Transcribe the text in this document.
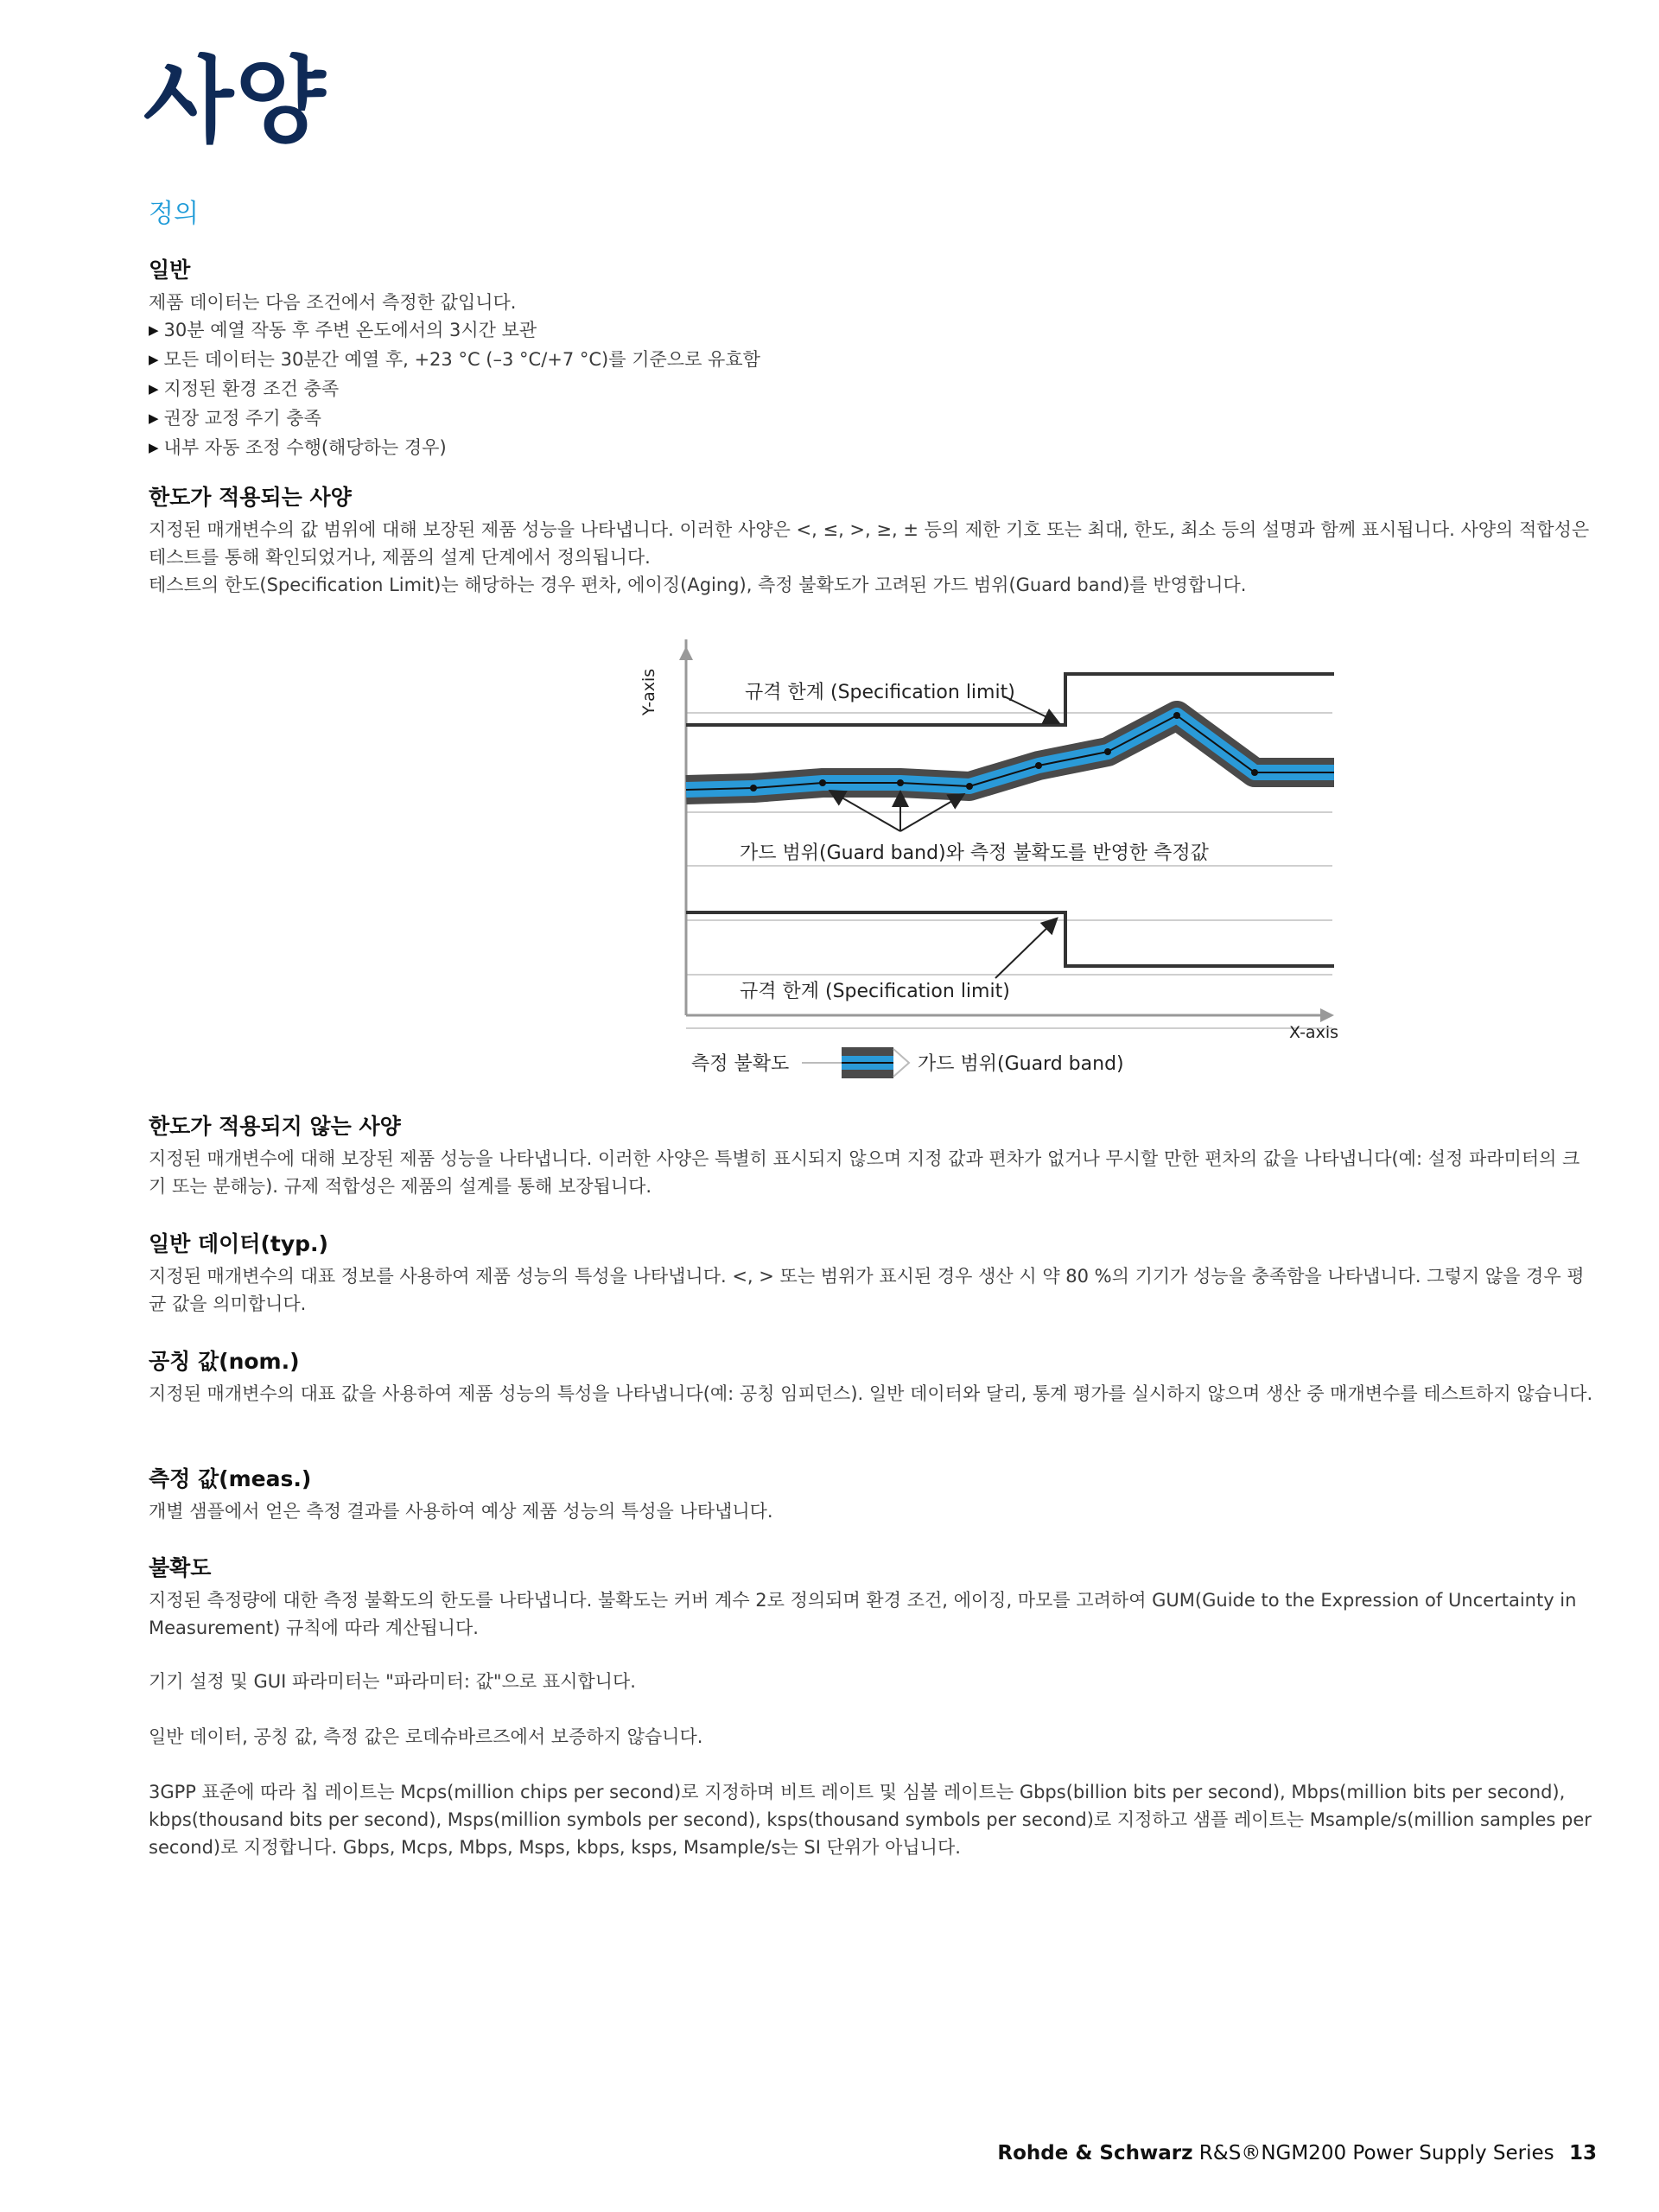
사양
정의
일반

제품 데이터는 다음 조건에서 측정한 값입니다.

▶ 30분 예열 작동 후 주변 온도에서의 3시간 보관
▶ 모든 데이터는 30분간 예열 후, +23 °C (–3 °C/+7 °C)를 기준으로 유효함
▶ 지정된 환경 조건 충족
▶ 권장 교정 주기 충족
▶ 내부 자동 조정 수행(해당하는 경우)
한도가 적용되는 사양

지정된 매개변수의 값 범위에 대해 보장된 제품 성능을 나타냅니다. 이러한 사양은 <, ≤, >, ≥, ± 등의 제한 기호 또는 최대, 한도, 최소 등의 설명과 함께 표시됩니다. 사양의 적합성은 테스트를 통해 확인되었거나, 제품의 설계 단계에서 정의됩니다.

테스트의 한도(Specification Limit)는 해당하는 경우 편차, 에이징(Aging), 측정 불확도가 고려된 가드 범위(Guard band)를 반영합니다.

Y-axis	규격 한계 (Specification limit)
가드 범위(Guard band)와 측정 불확도를 반영한 측정값
규격 한계 (Specification limit)
X-axis
측정 불확도	가드 범위(Guard band)
한도가 적용되지 않는 사양

지정된 매개변수에 대해 보장된 제품 성능을 나타냅니다. 이러한 사양은 특별히 표시되지 않으며 지정 값과 편차가 없거나 무시할 만한 편차의 값을 나타냅니다(예: 설정 파라미터의 크기 또는 분해능). 규제 적합성은 제품의 설계를 통해 보장됩니다.

일반 데이터(typ.)

지정된 매개변수의 대표 정보를 사용하여 제품 성능의 특성을 나타냅니다. <, > 또는 범위가 표시된 경우 생산 시 약 80 %의 기기가 성능을 충족함을 나타냅니다. 그렇지 않을 경우 평균 값을 의미합니다.

공칭 값(nom.)

지정된 매개변수의 대표 값을 사용하여 제품 성능의 특성을 나타냅니다(예: 공칭 임피던스). 일반 데이터와 달리, 통계 평가를 실시하지 않으며 생산 중 매개변수를 테스트하지 않습니다.

측정 값(meas.)

개별 샘플에서 얻은 측정 결과를 사용하여 예상 제품 성능의 특성을 나타냅니다.

불확도

지정된 측정량에 대한 측정 불확도의 한도를 나타냅니다. 불확도는 커버 계수 2로 정의되며 환경 조건, 에이징, 마모를 고려하여 GUM(Guide to the Expression of Uncertainty in Measurement) 규칙에 따라 계산됩니다.

기기 설정 및 GUI 파라미터는 "파라미터: 값"으로 표시합니다.

일반 데이터, 공칭 값, 측정 값은 로데슈바르즈에서 보증하지 않습니다.

3GPP 표준에 따라 칩 레이트는 Mcps(million chips per second)로 지정하며 비트 레이트 및 심볼 레이트는 Gbps(billion bits per second), Mbps(million bits per second), kbps(thousand bits per second), Msps(million symbols per second), ksps(thousand symbols per second)로 지정하고 샘플 레이트는 Msample/s(million samples per second)로 지정합니다. Gbps, Mcps, Mbps, Msps, kbps, ksps, Msample/s는 SI 단위가 아닙니다.

Rohde & Schwarz R&S®NGM200 Power Supply Series 13
